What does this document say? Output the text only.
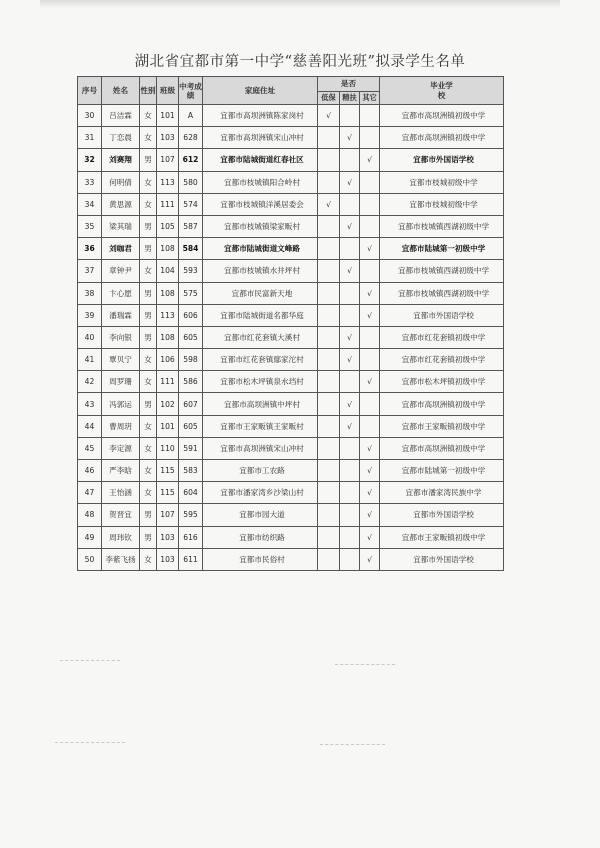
湖北省宜都市第一中学“慈善阳光班”拟录学生名单
序号	姓名	性别	班级	中考成绩	家庭住址	是否			毕业学校
						低保	精扶	其它	
30	吕洁霖	女	101	A	宜都市高坝洲镇陈家岗村	√			宜都市高坝洲镇初级中学
31	丁恋晨	女	103	628	宜都市高坝洲镇宋山冲村		√		宜都市高坝洲镇初级中学
32	刘赛翔	男	107	612	宜都市陆城街道红春社区			√	宜都市外国语学校
33	何明倩	女	113	580	宜都市枝城镇阳合岭村		√		宜都市枝城初级中学
34	黄思源	女	111	574	宜都市枝城镇洋溪居委会	√			宜都市枝城初级中学
35	梁其瑞	男	105	587	宜都市枝城镇梁家畈村		√		宜都市枝城镇西湖初级中学
36	刘咖君	男	108	584	宜都市陆城街道文峰路			√	宜都市陆城第一初级中学
37	章钟尹	女	104	593	宜都市枝城镇水井坪村		√		宜都市枝城镇西湖初级中学
38	卞心愿	男	108	575	宜都市民富新天地			√	宜都市枝城镇西湖初级中学
39	潘瑞霖	男	113	606	宜都市陆城街道名都华庭			√	宜都市外国语学校
40	李向银	男	108	605	宜都市红花套镇大溪村		√		宜都市红花套镇初级中学
41	覃贝宁	女	106	598	宜都市红花套镇鄢家沱村		√		宜都市红花套镇初级中学
42	周罗珊	女	111	586	宜都市松木坪镇泉水垱村			√	宜都市松木坪镇初级中学
43	冯郭运	男	102	607	宜都市高坝洲镇中坪村		√		宜都市高坝洲镇初级中学
44	曹周玥	女	101	605	宜都市王家畈镇王家畈村		√		宜都市王家畈镇初级中学
45	李定源	女	110	591	宜都市高坝洲镇宋山冲村			√	宜都市高坝洲镇初级中学
46	严李晗	女	115	583	宜都市工农路			√	宜都市陆城第一初级中学
47	王怡涵	女	115	604	宜都市潘家湾乡沙梁山村			√	宜都市潘家湾民族中学
48	贺晋宜	男	107	595	宜都市园大道			√	宜都市外国语学校
49	周玮钦	男	103	616	宜都市纺织路			√	宜都市王家畈镇初级中学
50	李紫飞扬	女	103	611	宜都市民俗村			√	宜都市外国语学校
